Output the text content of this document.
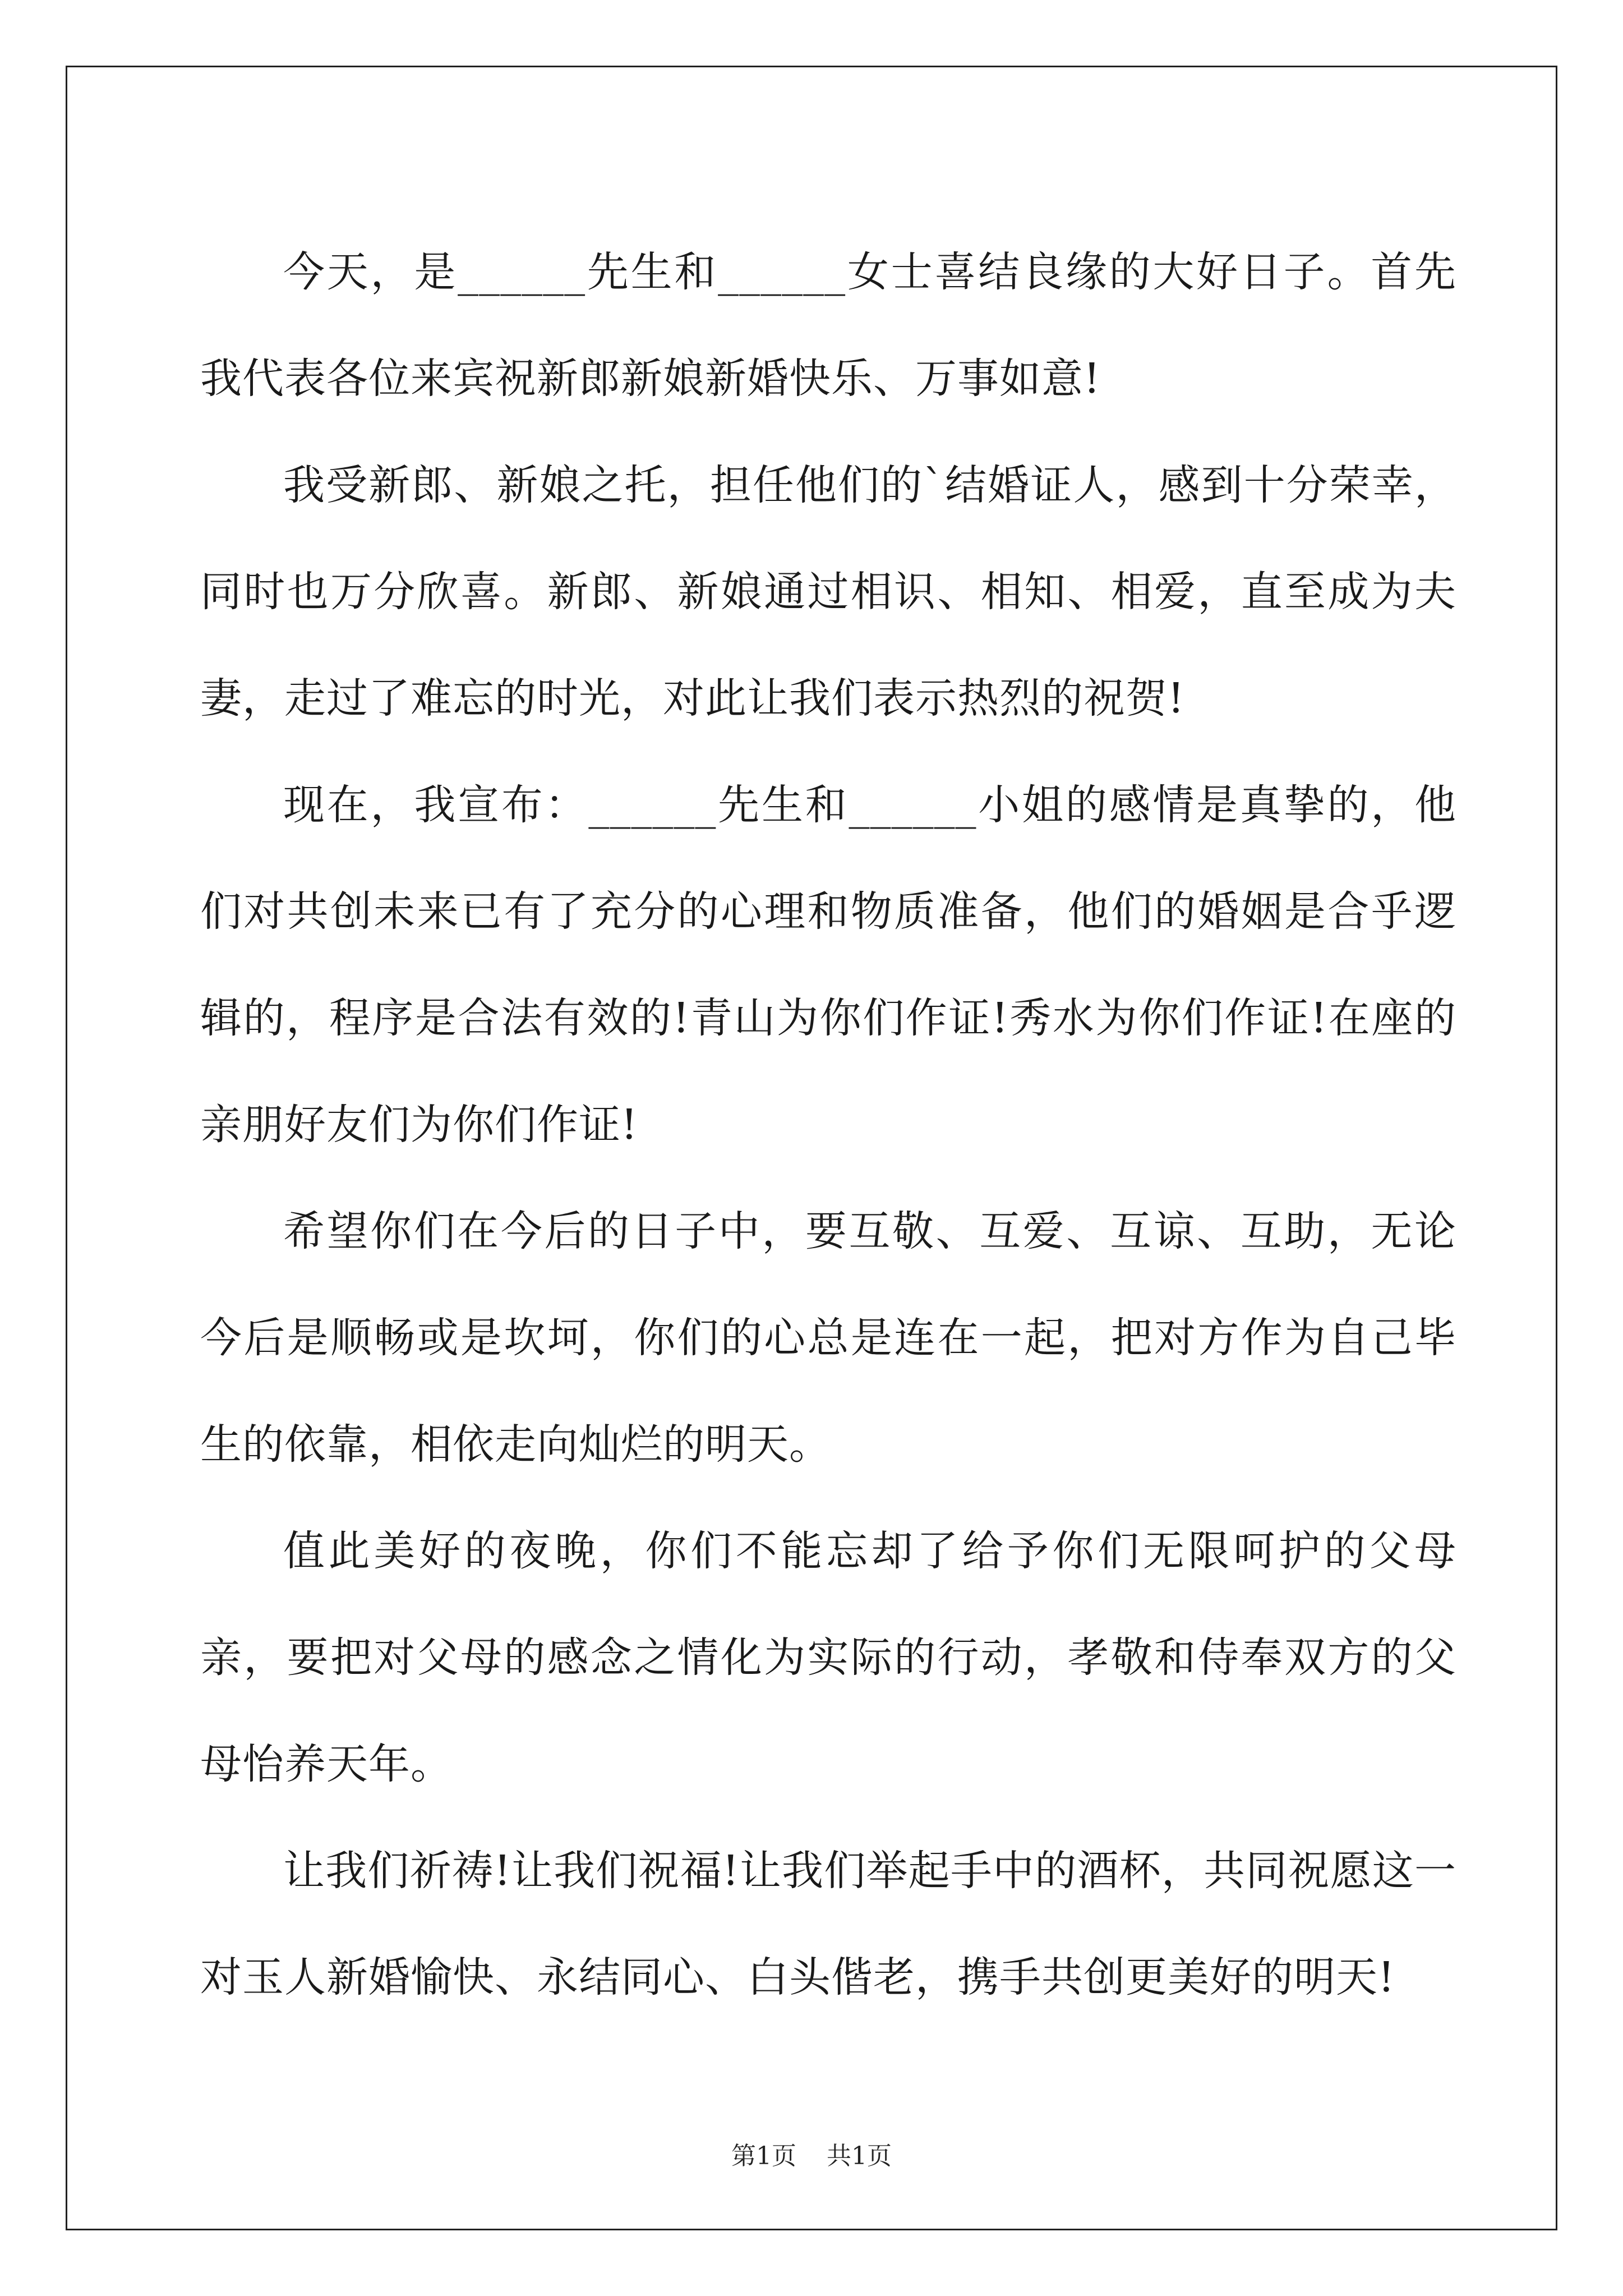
今天，是______先生和______女士喜结良缘的大好日子。首先我代表各位来宾祝新郎新娘新婚快乐、万事如意!

我受新郎、新娘之托，担任他们的`结婚证人，感到十分荣幸，同时也万分欣喜。新郎、新娘通过相识、相知、相爱，直至成为夫妻，走过了难忘的时光，对此让我们表示热烈的祝贺!

现在，我宣布：______先生和______小姐的感情是真挚的，他们对共创未来已有了充分的心理和物质准备，他们的婚姻是合乎逻辑的，程序是合法有效的!青山为你们作证!秀水为你们作证!在座的亲朋好友们为你们作证!

希望你们在今后的日子中，要互敬、互爱、互谅、互助，无论今后是顺畅或是坎坷，你们的心总是连在一起，把对方作为自己毕生的依靠，相依走向灿烂的明天。

值此美好的夜晚，你们不能忘却了给予你们无限呵护的父母亲，要把对父母的感念之情化为实际的行动，孝敬和侍奉双方的父母怡养天年。

让我们祈祷!让我们祝福!让我们举起手中的酒杯，共同祝愿这一对玉人新婚愉快、永结同心、白头偕老，携手共创更美好的明天!

第1页 共1页
